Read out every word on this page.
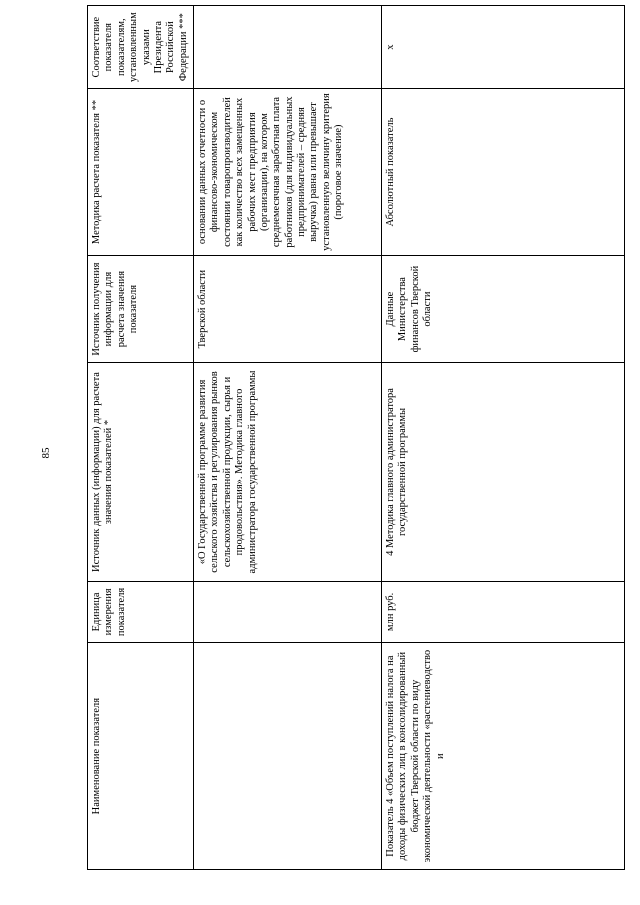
85
Наименование показателя	Единица измерения показателя	Источник данных (информации) для расчета значения показателей *	Источник получения информации для расчета значения показателя	Методика расчета показателя **	Соответствие показателя показателям, установленным указами Президента Российской Федерации ***
		«О Государственной программе развития сельского хозяйства и регулирования рынков сельскохозяйственной продукции, сырья и продовольствия». Методика главного администратора государственной программы	Тверской области	основании данных отчетности о финансово-экономическом состоянии товаропроизводителей как количество всех замещенных рабочих мест предприятия (организации), на котором среднемесячная заработная плата работников (для индивидуальных предпринимателей – средняя выручка) равна или превышает установленную величину критерия (пороговое значение)	
Показатель 4 «Объем поступлений налога на доходы физических лиц в консолидированный бюджет Тверской области по виду экономической деятельности «растениеводство и	млн руб.	4 Методика главного администратора государственной программы	Данные Министерства финансов Тверской области	Абсолютный показатель	х
